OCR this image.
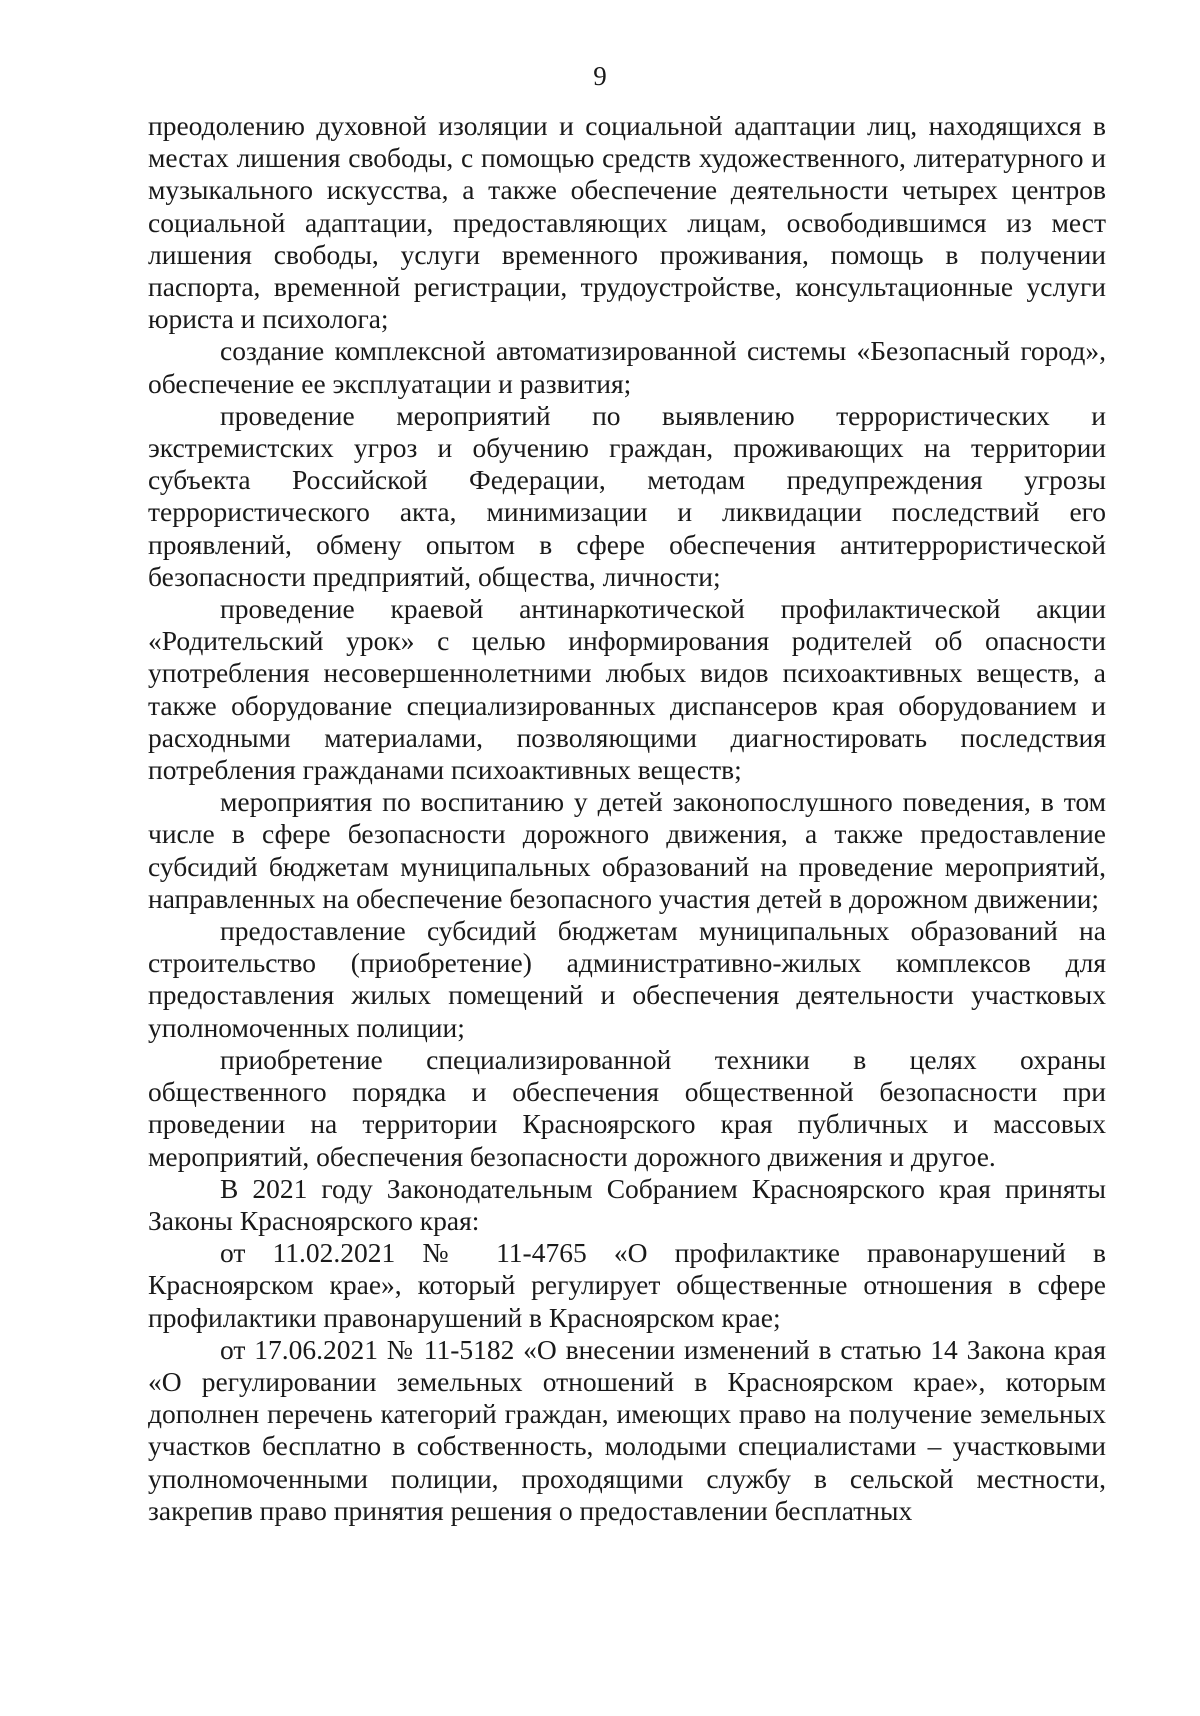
9

преодолению духовной изоляции и социальной адаптации лиц, находящихся в местах лишения свободы, с помощью средств художественного, литературного и музыкального искусства, а также обеспечение деятельности четырех центров социальной адаптации, предоставляющих лицам, освободившимся из мест лишения свободы, услуги временного проживания, помощь в получении паспорта, временной регистрации, трудоустройстве, консультационные услуги юриста и психолога;

создание комплексной автоматизированной системы «Безопасный город», обеспечение ее эксплуатации и развития;

проведение мероприятий по выявлению террористических и экстремистских угроз и обучению граждан, проживающих на территории субъекта Российской Федерации, методам предупреждения угрозы террористического акта, минимизации и ликвидации последствий его проявлений, обмену опытом в сфере обеспечения антитеррористической безопасности предприятий, общества, личности;

проведение краевой антинаркотической профилактической акции «Родительский урок» с целью информирования родителей об опасности употребления несовершеннолетними любых видов психоактивных веществ, а также оборудование специализированных диспансеров края оборудованием и расходными материалами, позволяющими диагностировать последствия потребления гражданами психоактивных веществ;

мероприятия по воспитанию у детей законопослушного поведения, в том числе в сфере безопасности дорожного движения, а также предоставление субсидий бюджетам муниципальных образований на проведение мероприятий, направленных на обеспечение безопасного участия детей в дорожном движении;

предоставление субсидий бюджетам муниципальных образований на строительство (приобретение) административно-жилых комплексов для предоставления жилых помещений и обеспечения деятельности участковых уполномоченных полиции;

приобретение специализированной техники в целях охраны общественного порядка и обеспечения общественной безопасности при проведении на территории Красноярского края публичных и массовых мероприятий, обеспечения безопасности дорожного движения и другое.

В 2021 году Законодательным Собранием Красноярского края приняты Законы Красноярского края:

от 11.02.2021 № 11-4765 «О профилактике правонарушений в Красноярском крае», который регулирует общественные отношения в сфере профилактики правонарушений в Красноярском крае;

от 17.06.2021 № 11-5182 «О внесении изменений в статью 14 Закона края «О регулировании земельных отношений в Красноярском крае», которым дополнен перечень категорий граждан, имеющих право на получение земельных участков бесплатно в собственность, молодыми специалистами – участковыми уполномоченными полиции, проходящими службу в сельской местности, закрепив право принятия решения о предоставлении бесплатных
